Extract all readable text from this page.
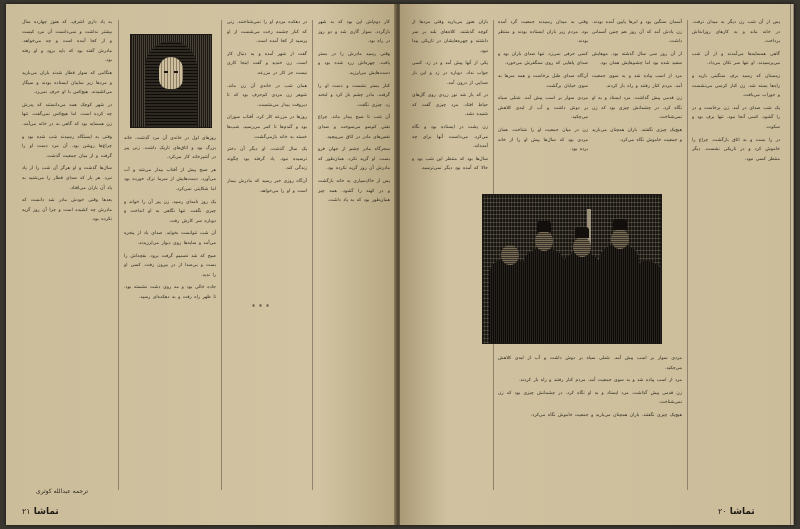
به یاد داری اشرف، که هنوز چهارده سال بیشتر نداشت و نمی‌دانست آن مرد کیست و از کجا آمده است و چه می‌خواهد. مادرش گفته بود که باید برود و او رفته بود.

هنگامی که سوار قطار شدند باران می‌بارید و مردها زیر سایبان ایستاده بودند و سیگار می‌کشیدند. هیچ‌کس با او حرف نمی‌زد.

در شهر کوچک همه می‌دانستند که پدرش چه کرده است. اما هیچ‌کس نمی‌گفت. تنها زن همسایه بود که گاهی به در خانه می‌آمد.

وقتی به ایستگاه رسیدند شب شده بود و چراغ‌ها روشن بود. آن مرد دست او را گرفت و از میان جمعیت گذشت.

سال‌ها گذشت و او هرگز آن شب را از یاد نبرد. هر بار که صدای قطار را می‌شنید به یاد آن باران می‌افتاد.

بعدها وقتی خودش مادر شد دانست که مادرش چه کشیده است و چرا آن روز گریه نکرده بود.

روزهای اول در خانه‌ی آن مرد گذشت. خانه بزرگ بود و اتاق‌های تاریک داشت. زنی پیر در آشپزخانه کار می‌کرد.

هر صبح پیش از آفتاب بیدار می‌شد و آب می‌آورد. دست‌هایش از سرما ترک خورده بود اما شکایتی نمی‌کرد.

یک روز نامه‌ای رسید. زن پیر آن را خواند و چیزی نگفت. تنها نگاهی به او انداخت و دوباره سر کارش رفت.

آن شب نتوانست بخوابد. صدای باد از پنجره می‌آمد و سایه‌ها روی دیوار می‌لرزیدند.

صبح که شد تصمیم گرفت برود. بقچه‌اش را بست و بی‌صدا از در بیرون رفت. کسی او را ندید.

جاده خالی بود و مه روی دشت نشسته بود. تا ظهر راه رفت و به دهکده‌ای رسید.

در دهکده مردم او را نمی‌شناختند. زنی که کنار چشمه رخت می‌شست از او پرسید از کجا آمده است.

گفت از شهر آمده و به دنبال کار است. زن خندید و گفت اینجا کاری نیست جز کار در مزرعه.

همان شب در خانه‌ی آن زن ماند. شوهر زن مردی کم‌حرف بود که تا دیروقت بیدار می‌نشست.

روزها در مزرعه کار کرد. آفتاب سوزان بود و گندم‌ها تا کمر می‌رسید. شب‌ها خسته به خانه بازمی‌گشت.

یک سال گذشت. او دیگر آن دختر ترسیده نبود. یاد گرفته بود چگونه زندگی کند.

آن‌گاه روزی خبر رسید که مادرش بیمار است و او را می‌خواهد.

***

کار دوم‌اش این بود که به شهر بازگردد. سوار گاری شد و دو روز در راه بود.

وقتی رسید مادرش را در بستر یافت. چهره‌اش زرد شده بود و دست‌هایش می‌لرزید.

کنار بستر نشست و دست او را گرفت. مادر چشم باز کرد و لبخند زد. چیزی نگفت.

آن شب تا صبح بیدار ماند. چراغ نفتی کم‌سو می‌سوخت و صدای نفس‌های مادر در اتاق می‌پیچید.

سحرگاه مادر چشم از جهان فرو بست. او گریه نکرد. همان‌طور که مادرش آن روز گریه نکرده بود.

پس از خاک‌سپاری به خانه بازگشت و در کهنه را گشود. همه چیز همان‌طور بود که به یاد داشت.

ترجمه عبدالله کوثری
تماشا ۲۱

باران هنوز می‌بارید وقتی مردها از کوچه گذشتند. کلاه‌های بلند بر سر داشتند و چهره‌هایشان در تاریکی پیدا نبود.

یکی از آنها پیش آمد و در زد. کسی جواب نداد. دوباره در زد و این بار صدایی از درون آمد.

در که باز شد نور زردی روی گل‌های حیاط افتاد. مرد چیزی گفت که شنیده نشد.

زن پشت در ایستاده بود و نگاه می‌کرد. می‌دانست آنها برای چه آمده‌اند.

سال‌ها بود که منتظر این شب بود و حالا که آمده بود دیگر نمی‌ترسید.

وقتی به میدان رسیدند جمعیت گرد آمده بود. مردم زیر باران ایستاده بودند و منتظر بودند.

کسی حرفی نمی‌زد. تنها صدای باران بود و صدای پاهایی که روی سنگفرش می‌خورد.

آن‌گاه صدای طبل برخاست و همه سرها به سوی خیابان برگشت.

مردی سوار بر اسب پیش آمد. شنلی سیاه بر دوش داشت و آب از لبه‌ی کلاهش می‌چکید.

زن در میان جمعیت او را شناخت. همان مردی بود که سال‌ها پیش او را از خانه برده بود.

آسمان سنگین بود و ابرها پایین آمده بودند. زن یادش آمد که آن روز هم چنین آسمانی داشت.

از آن روز سی سال گذشته بود. موهایش سفید شده بود اما چشم‌هایش همان بود.

مرد از اسب پیاده شد و به سوی جمعیت آمد. مردم کنار رفتند و راه باز کردند.

زن قدمی پیش گذاشت. مرد ایستاد و به او نگاه کرد. در چشمانش چیزی بود که زن نمی‌شناخت.

هیچ‌یک چیزی نگفتند. باران همچنان می‌بارید و جمعیت خاموش نگاه می‌کرد.

پس از آن شب زن دیگر به میدان نرفت. در خانه ماند و به کارهای روزانه‌اش پرداخت.

گاهی همسایه‌ها می‌آمدند و از آن شب می‌پرسیدند. او تنها سر تکان می‌داد.

زمستان که رسید برف سنگینی بارید و راه‌ها بسته شد. زن کنار کرسی می‌نشست و جوراب می‌بافت.

یک شب صدای در آمد. زن برخاست و در را گشود. کسی آنجا نبود. تنها برف بود و سکوت.

در را بست و به اتاق بازگشت. چراغ را خاموش کرد و در تاریکی نشست. دیگر منتظر کسی نبود.

مردی سوار بر اسب پیش آمد. شنلی سیاه بر دوش داشت و آب از لبه‌ی کلاهش می‌چکید.

مرد از اسب پیاده شد و به سوی جمعیت آمد. مردم کنار رفتند و راه باز کردند.

زن قدمی پیش گذاشت. مرد ایستاد و به او نگاه کرد. در چشمانش چیزی بود که زن نمی‌شناخت.

هیچ‌یک چیزی نگفتند. باران همچنان می‌بارید و جمعیت خاموش نگاه می‌کرد.

تماشا ۲۰
